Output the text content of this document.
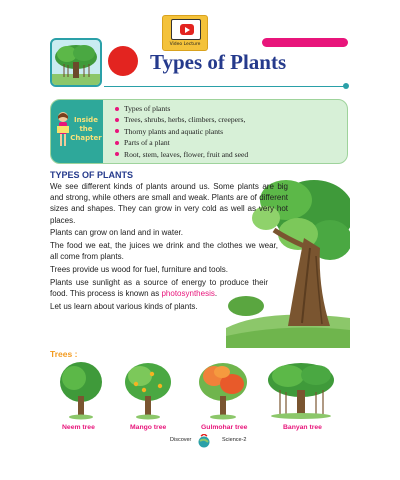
Video Lecture
Types of Plants
Inside
the
Chapter
Types of plants
Trees, shrubs, herbs, climbers, creepers,
Thorny plants and aquatic plants
Parts of a plant
Root, stem, leaves, flower, fruit and seed
TYPES OF PLANTS

We see different kinds of plants around us. Some plants are big and strong, while others are small and weak. Plants are of different sizes and shapes. They can grow in very cold as well as very hot places.

Plants can grow on land and in water.

The food we eat, the juices we drink and the clothes we wear, all come from plants.

Trees provide us wood for fuel, furniture and tools.

Plants use sunlight as a source of energy to produce their food. This process is known as photosynthesis.

Let us learn about various kinds of plants.

Trees :
Neem tree	Mango tree	Gulmohar tree	Banyan tree
Discover	Science-2
